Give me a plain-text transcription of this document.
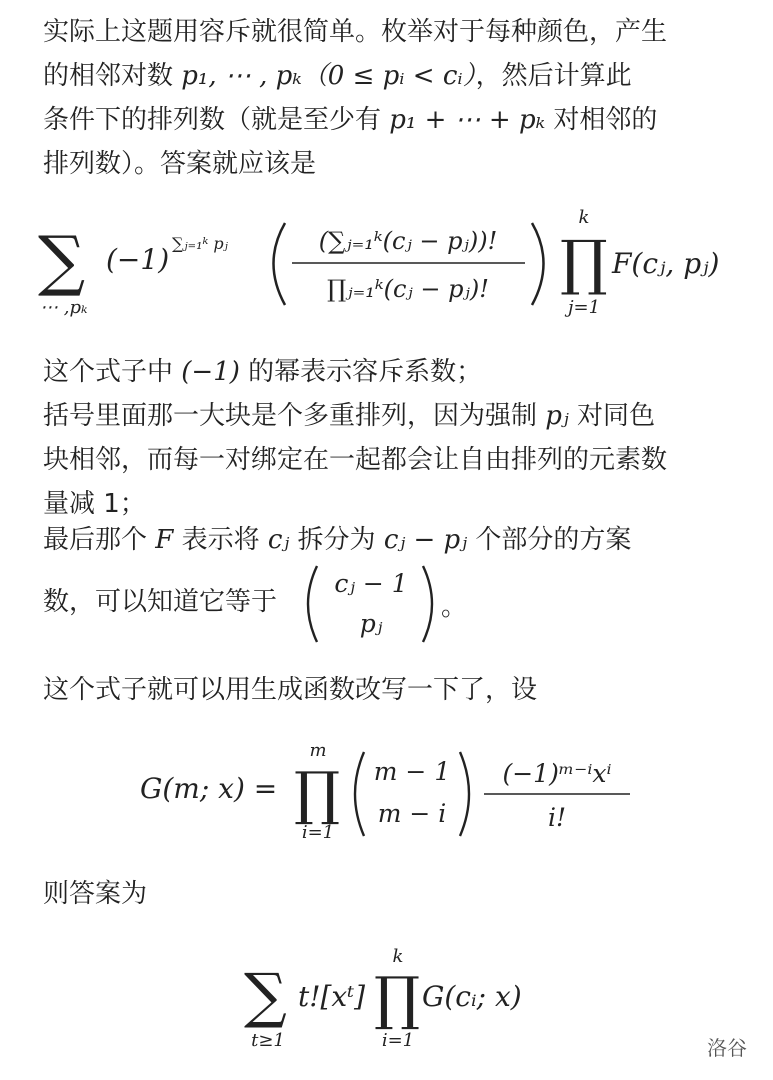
实际上这题用容斥就很简单。枚举对于每种颜色，产生

的相邻对数 p₁, ⋯ , pₖ（0 ≤ pᵢ < cᵢ），然后计算此

条件下的排列数（就是至少有 p₁ + ⋯ + pₖ 对相邻的

排列数）。答案就应该是

∑
⋯ ,pₖ
(−1) ∑ⱼ₌₁ᵏ pⱼ	(∑ⱼ₌₁ᵏ(cⱼ − pⱼ))!
∏ⱼ₌₁ᵏ(cⱼ − pⱼ)!
k
∏
j=1
F(cⱼ, pⱼ)

这个式子中 (−1) 的幂表示容斥系数；

括号里面那一大块是个多重排列，因为强制 pⱼ 对同色

块相邻，而每一对绑定在一起都会让自由排列的元素数

量减 1；

最后那个 F 表示将 cⱼ 拆分为 cⱼ − pⱼ 个部分的方案

数，可以知道它等于
cⱼ − 1
pⱼ
。

这个式子就可以用生成函数改写一下了，设

G(m; x) =
m
∏
i=1
m − 1
m − i
(−1)ᵐ⁻ⁱxⁱ
i!

则答案为

∑
t≥1
t![xᵗ]
k
∏
i=1
G(cᵢ; x)
洛谷
